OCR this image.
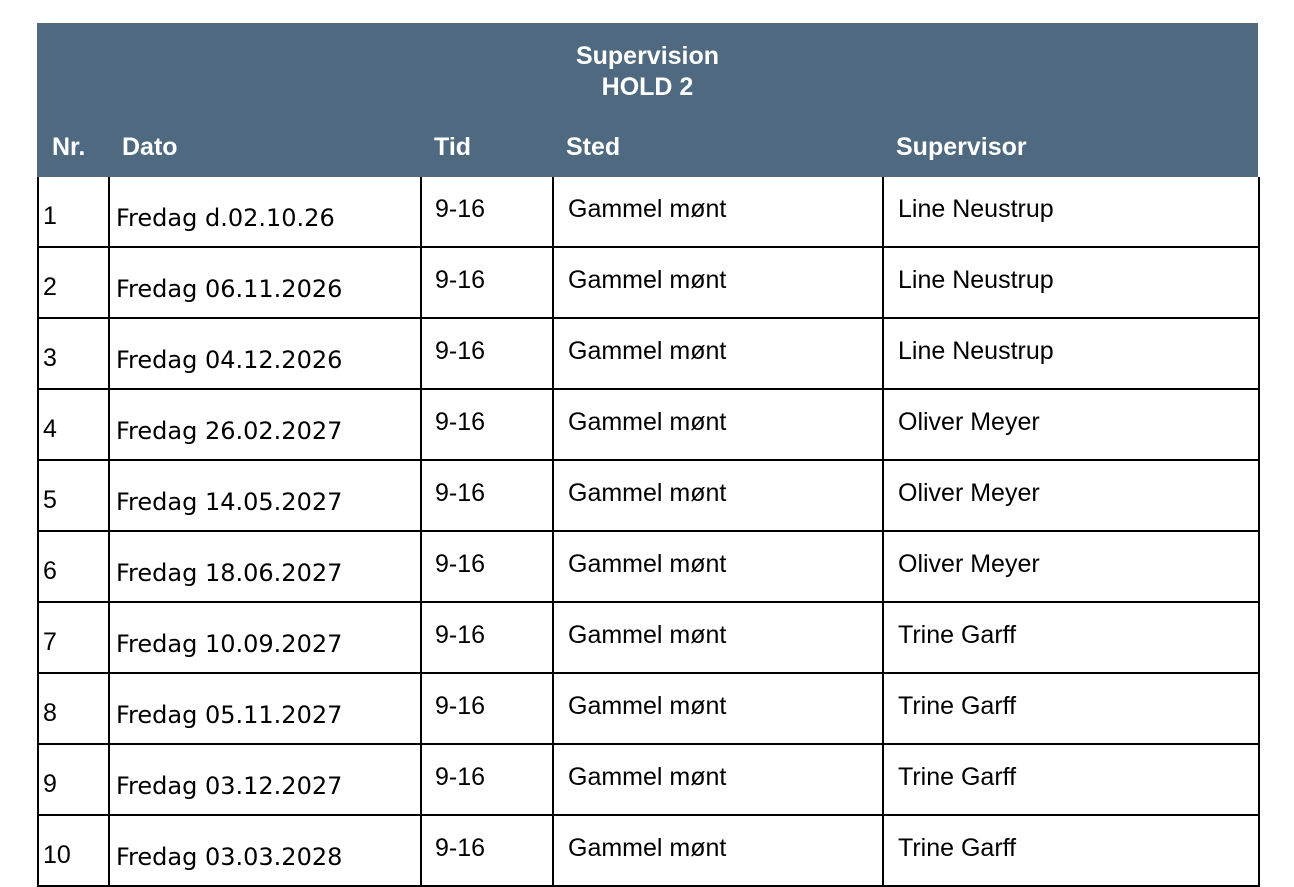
Supervision
HOLD 2
Nr. Dato	Tid	Sted	Supervisor
1	Fredag d.02.10.26	9-16	Gammel mønt	Line Neustrup
2	Fredag 06.11.2026	9-16	Gammel mønt	Line Neustrup
3	Fredag 04.12.2026	9-16	Gammel mønt	Line Neustrup
4	Fredag 26.02.2027	9-16	Gammel mønt	Oliver Meyer
5	Fredag 14.05.2027	9-16	Gammel mønt	Oliver Meyer
6	Fredag 18.06.2027	9-16	Gammel mønt	Oliver Meyer
7	Fredag 10.09.2027	9-16	Gammel mønt	Trine Garff
8	Fredag 05.11.2027	9-16	Gammel mønt	Trine Garff
9	Fredag 03.12.2027	9-16	Gammel mønt	Trine Garff
10	Fredag 03.03.2028	9-16	Gammel mønt	Trine Garff
